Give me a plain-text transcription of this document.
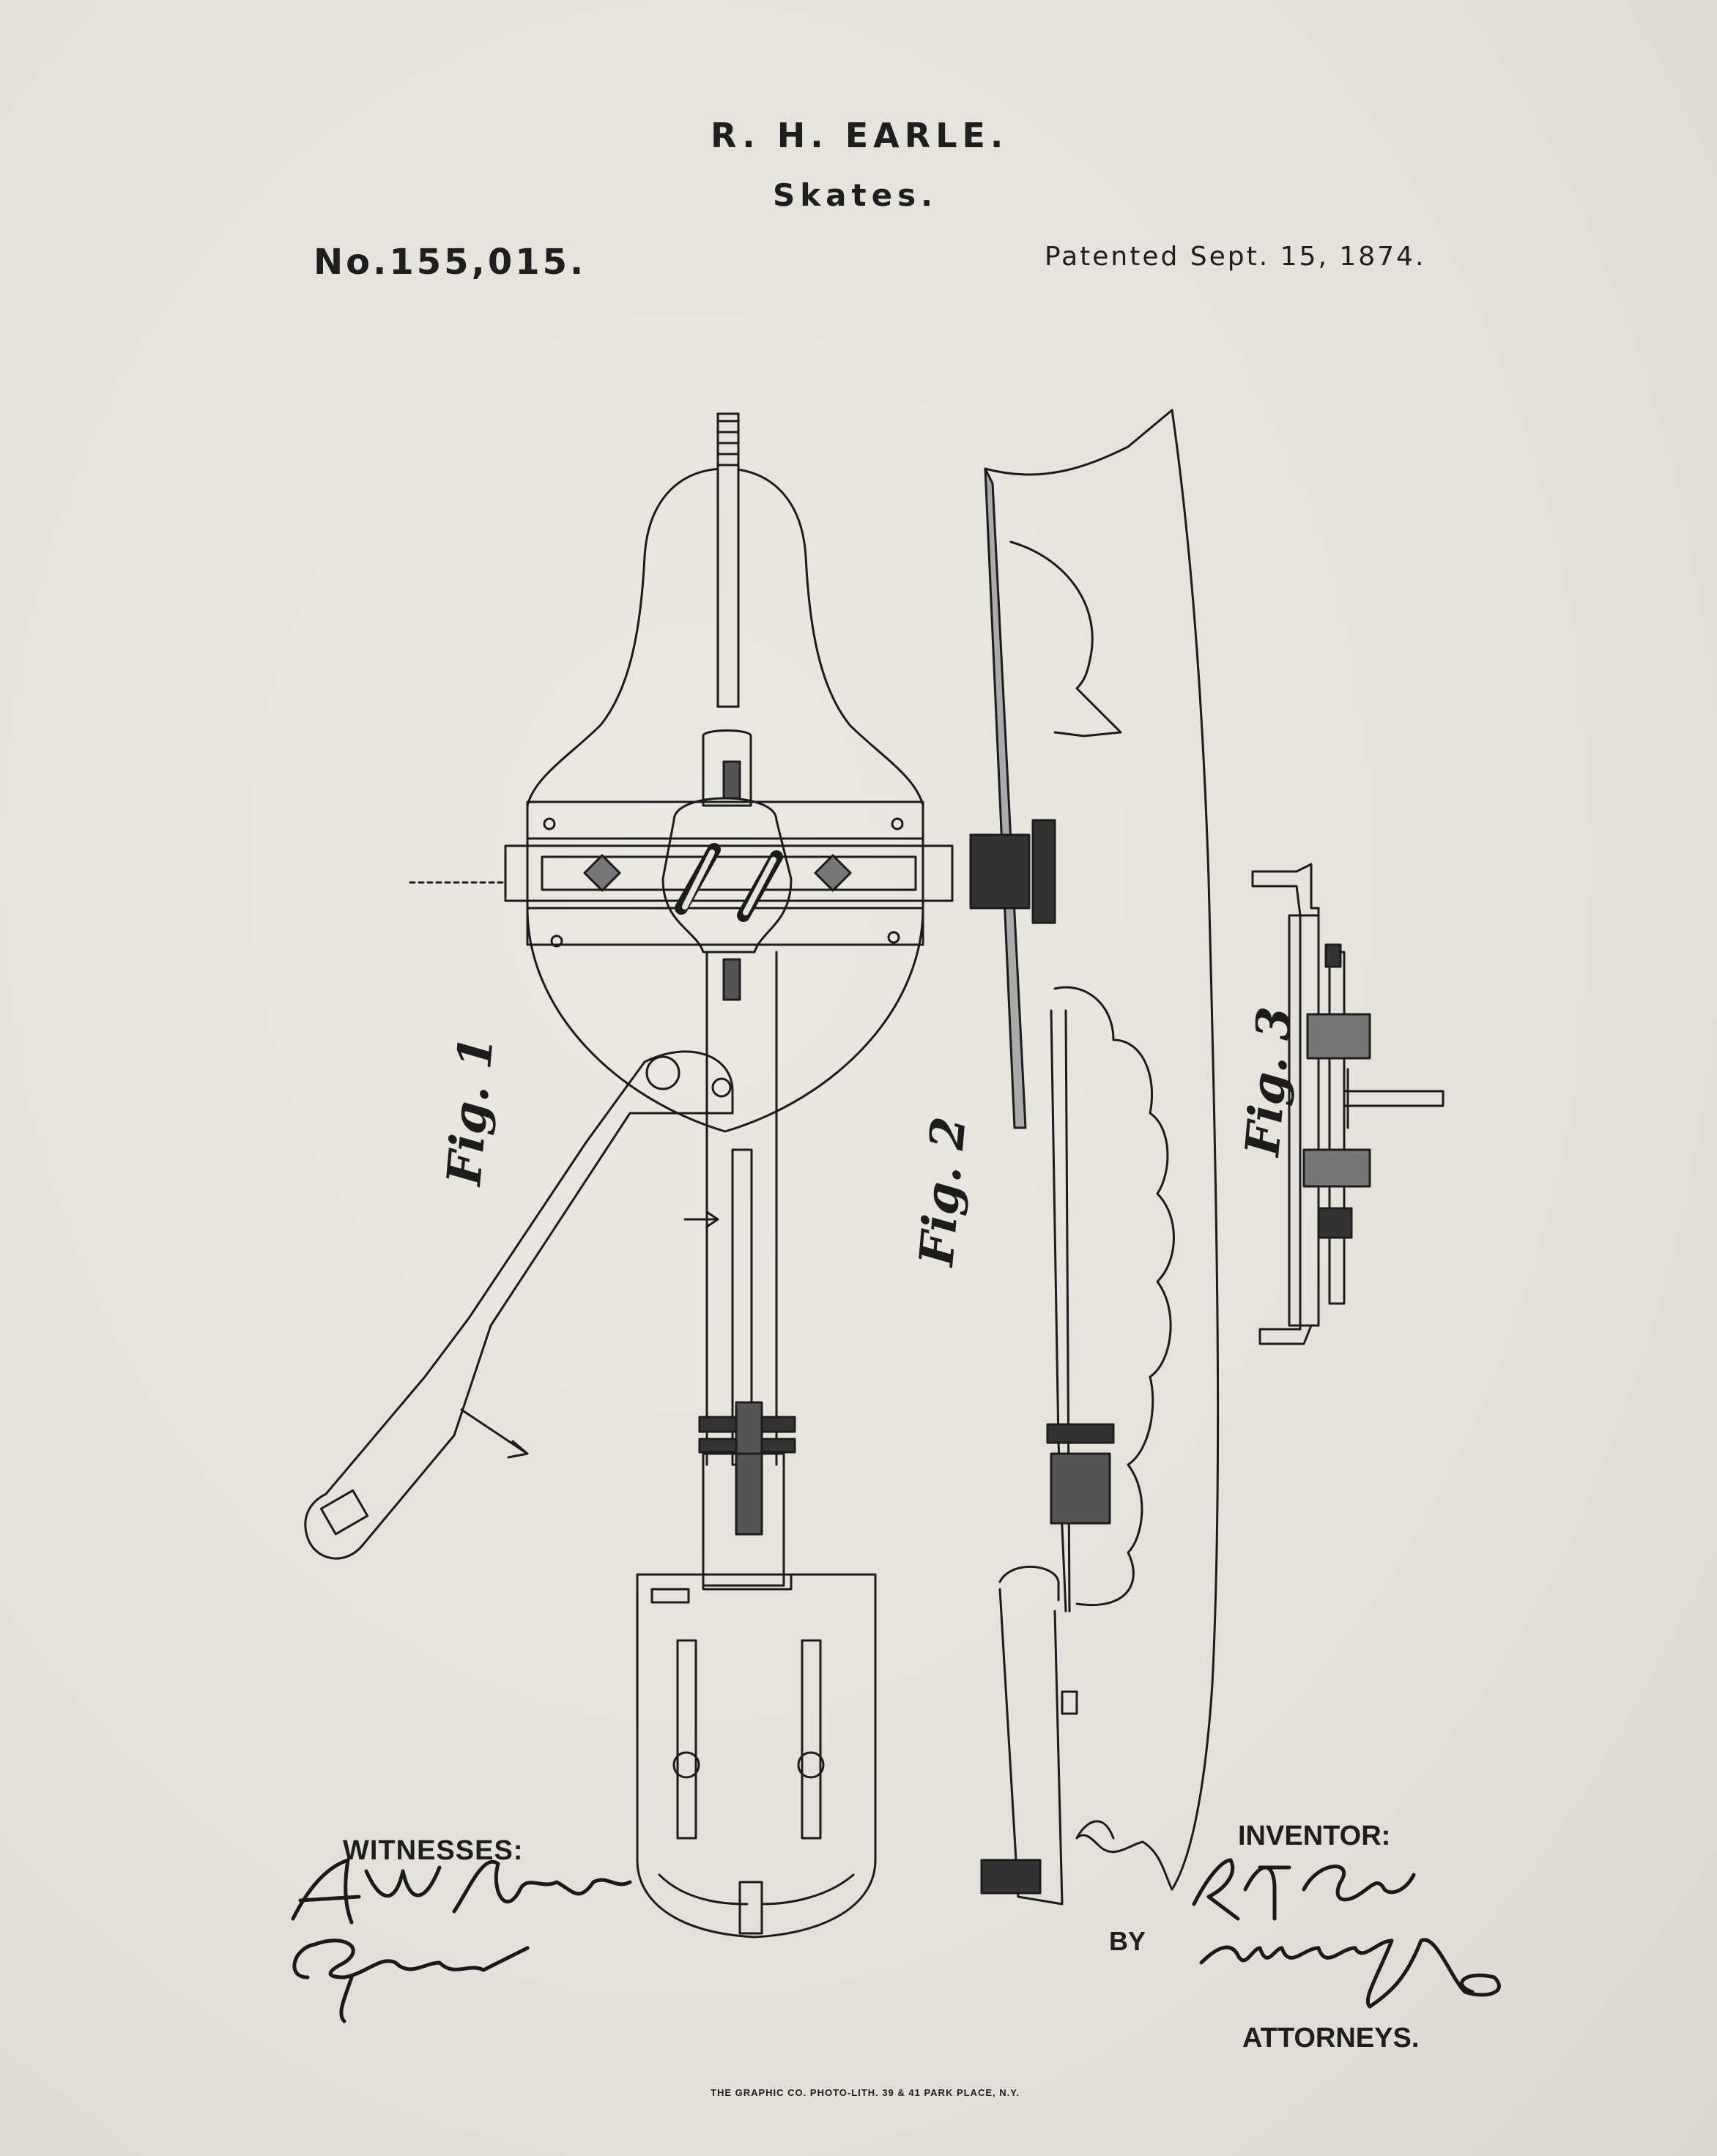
R. H. EARLE.
Skates.
No.155,015.	Patented Sept. 15, 1874.
Fig. 1
Fig. 2
Fig. 3
WITNESSES:	INVENTOR:
BY
ATTORNEYS.
THE GRAPHIC CO. PHOTO-LITH. 39 & 41 PARK PLACE, N.Y.
